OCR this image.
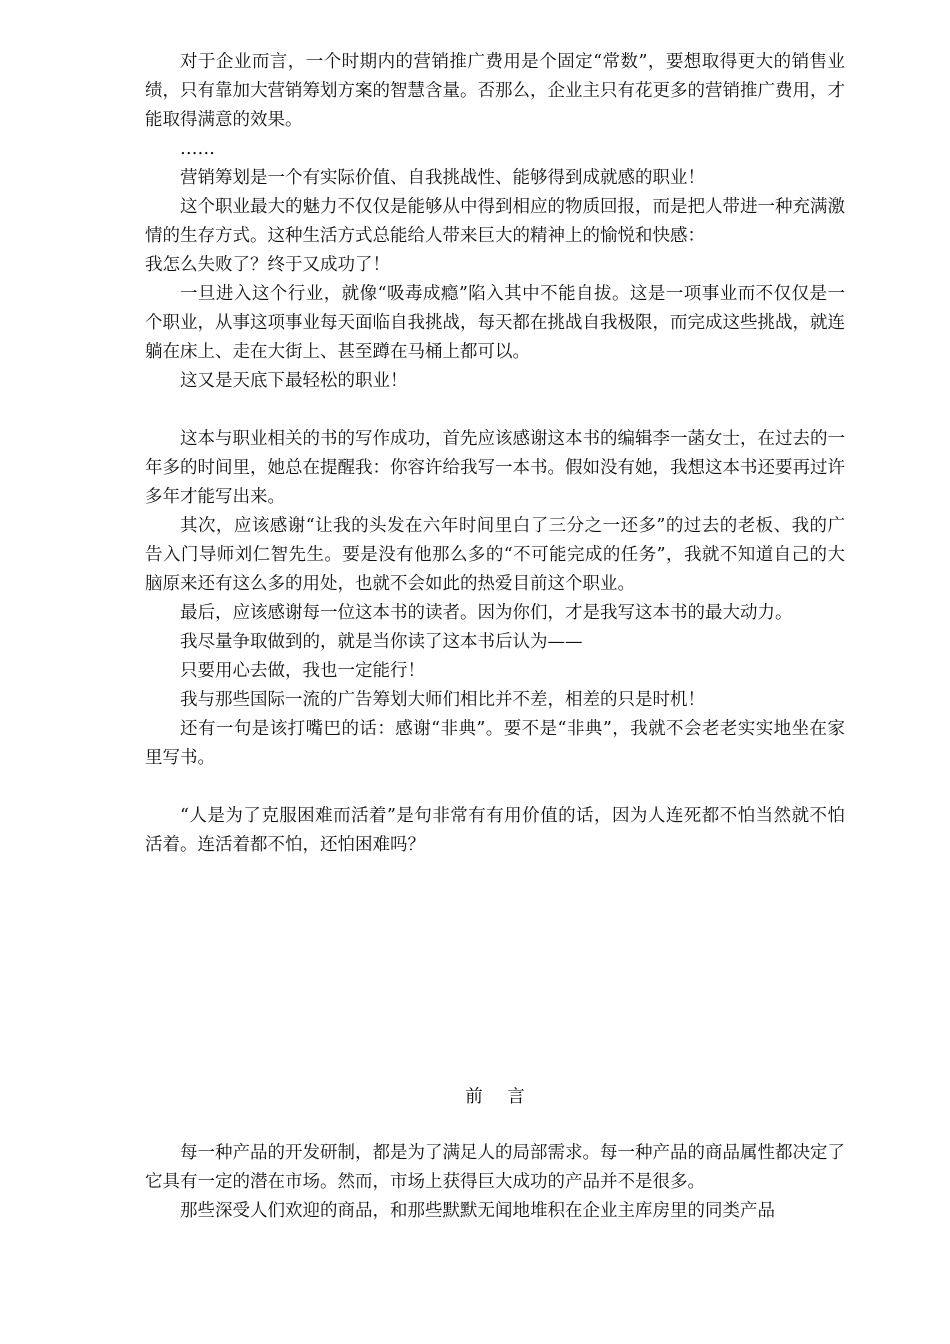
对于企业而言，一个时期内的营销推广费用是个固定“常数”，要想取得更大的销售业绩，只有靠加大营销筹划方案的智慧含量。否那么，企业主只有花更多的营销推广费用，才能取得满意的效果。

……

营销筹划是一个有实际价值、自我挑战性、能够得到成就感的职业！

这个职业最大的魅力不仅仅是能够从中得到相应的物质回报，而是把人带进一种充满激情的生存方式。这种生活方式总能给人带来巨大的精神上的愉悦和快感：

我怎么失败了？终于又成功了！

一旦进入这个行业，就像“吸毒成瘾”陷入其中不能自拔。这是一项事业而不仅仅是一个职业，从事这项事业每天面临自我挑战，每天都在挑战自我极限，而完成这些挑战，就连躺在床上、走在大街上、甚至蹲在马桶上都可以。

这又是天底下最轻松的职业！

这本与职业相关的书的写作成功，首先应该感谢这本书的编辑李一菡女士，在过去的一年多的时间里，她总在提醒我：你容许给我写一本书。假如没有她，我想这本书还要再过许多年才能写出来。

其次，应该感谢“让我的头发在六年时间里白了三分之一还多”的过去的老板、我的广告入门导师刘仁智先生。要是没有他那么多的“不可能完成的任务”，我就不知道自己的大脑原来还有这么多的用处，也就不会如此的热爱目前这个职业。

最后，应该感谢每一位这本书的读者。因为你们，才是我写这本书的最大动力。

我尽量争取做到的，就是当你读了这本书后认为——

只要用心去做，我也一定能行！

我与那些国际一流的广告筹划大师们相比并不差，相差的只是时机！

还有一句是该打嘴巴的话：感谢“非典”。要不是“非典”，我就不会老老实实地坐在家里写书。

“人是为了克服困难而活着”是句非常有有用价值的话，因为人连死都不怕当然就不怕活着。连活着都不怕，还怕困难吗？

前言

每一种产品的开发研制，都是为了满足人的局部需求。每一种产品的商品属性都决定了它具有一定的潜在市场。然而，市场上获得巨大成功的产品并不是很多。

那些深受人们欢迎的商品，和那些默默无闻地堆积在企业主库房里的同类产品
